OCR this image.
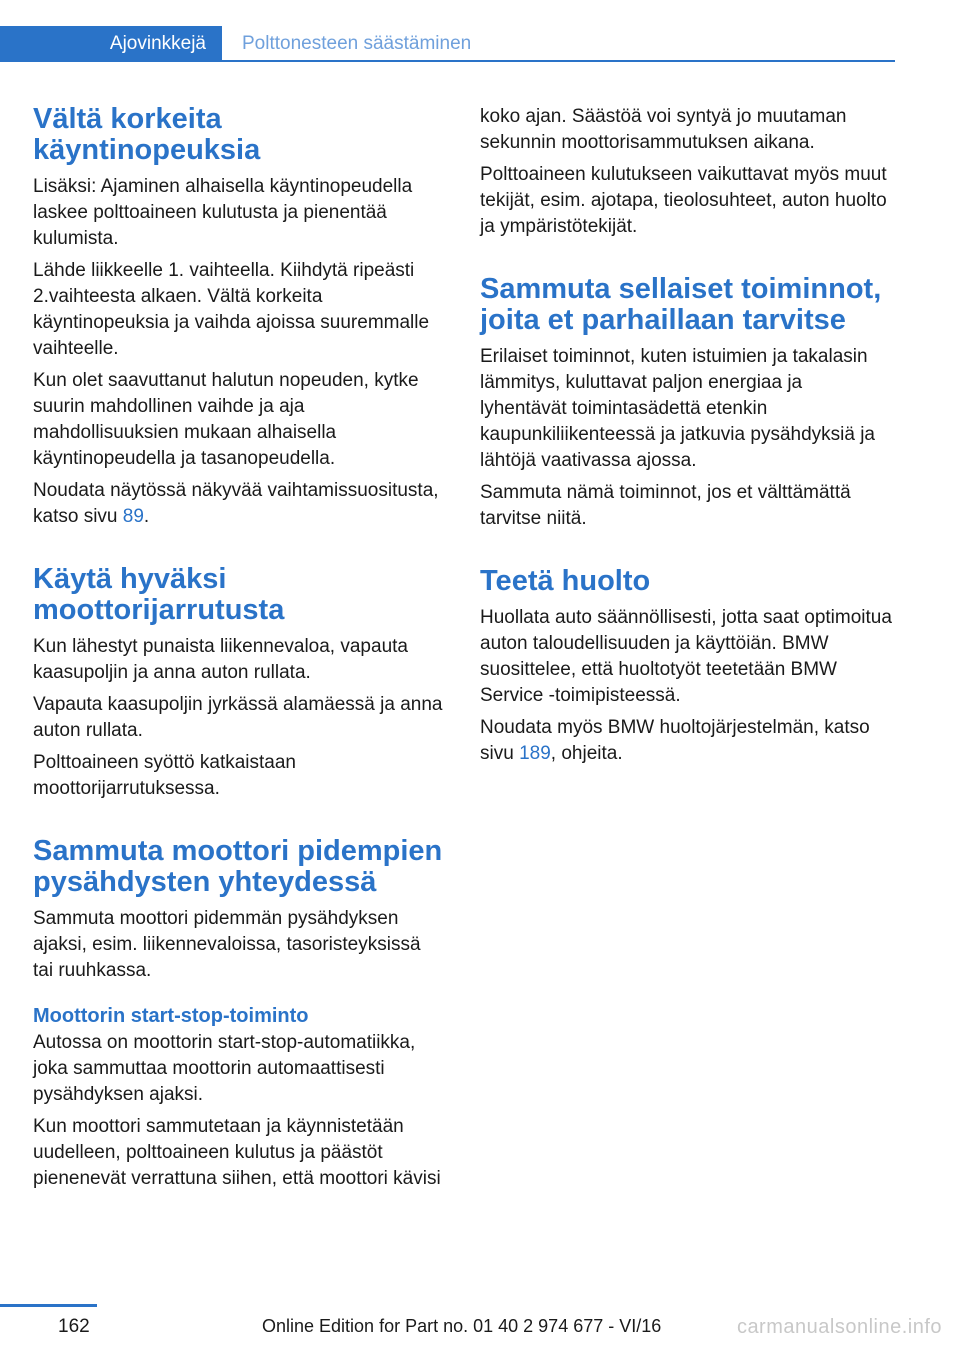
Ajovinkkejä	Polttonesteen säästäminen
Vältä korkeita käyntinopeuksia

Lisäksi: Ajaminen alhaisella käyntinopeudella laskee polttoaineen kulutusta ja pienentää kulumista.

Lähde liikkeelle 1. vaihteella. Kiihdytä ripeästi 2.vaihteesta alkaen. Vältä korkeita käyntinopeuksia ja vaihda ajoissa suuremmalle vaihteelle.

Kun olet saavuttanut halutun nopeuden, kytke suurin mahdollinen vaihde ja aja mahdollisuuksien mukaan alhaisella käyntinopeudella ja tasanopeudella.

Noudata näytössä näkyvää vaihtamissuositusta, katso sivu 89.

Käytä hyväksi moottorijarrutusta

Kun lähestyt punaista liikennevaloa, vapauta kaasupoljin ja anna auton rullata.

Vapauta kaasupoljin jyrkässä alamäessä ja anna auton rullata.

Polttoaineen syöttö katkaistaan moottorijarrutuksessa.

Sammuta moottori pidempien pysähdysten yhteydessä

Sammuta moottori pidemmän pysähdyksen ajaksi, esim. liikennevaloissa, tasoristeyksissä tai ruuhkassa.

Moottorin start-stop-toiminto

Autossa on moottorin start-stop-automatiikka, joka sammuttaa moottorin automaattisesti pysähdyksen ajaksi.

Kun moottori sammutetaan ja käynnistetään uudelleen, polttoaineen kulutus ja päästöt pienenevät verrattuna siihen, että moottori kävisi

koko ajan. Säästöä voi syntyä jo muutaman sekunnin moottorisammutuksen aikana.

Polttoaineen kulutukseen vaikuttavat myös muut tekijät, esim. ajotapa, tieolosuhteet, auton huolto ja ympäristötekijät.

Sammuta sellaiset toiminnot, joita et parhaillaan tarvitse

Erilaiset toiminnot, kuten istuimien ja takalasin lämmitys, kuluttavat paljon energiaa ja lyhentävät toimintasädettä etenkin kaupunkiliikenteessä ja jatkuvia pysähdyksiä ja lähtöjä vaativassa ajossa.

Sammuta nämä toiminnot, jos et välttämättä tarvitse niitä.

Teetä huolto

Huollata auto säännöllisesti, jotta saat optimoitua auton taloudellisuuden ja käyttöiän. BMW suosittelee, että huoltotyöt teetetään BMW Service -toimipisteessä.

Noudata myös BMW huoltojärjestelmän, katso sivu 189, ohjeita.

162	Online Edition for Part no. 01 40 2 974 677 - VI/16	carmanualsonline.info
